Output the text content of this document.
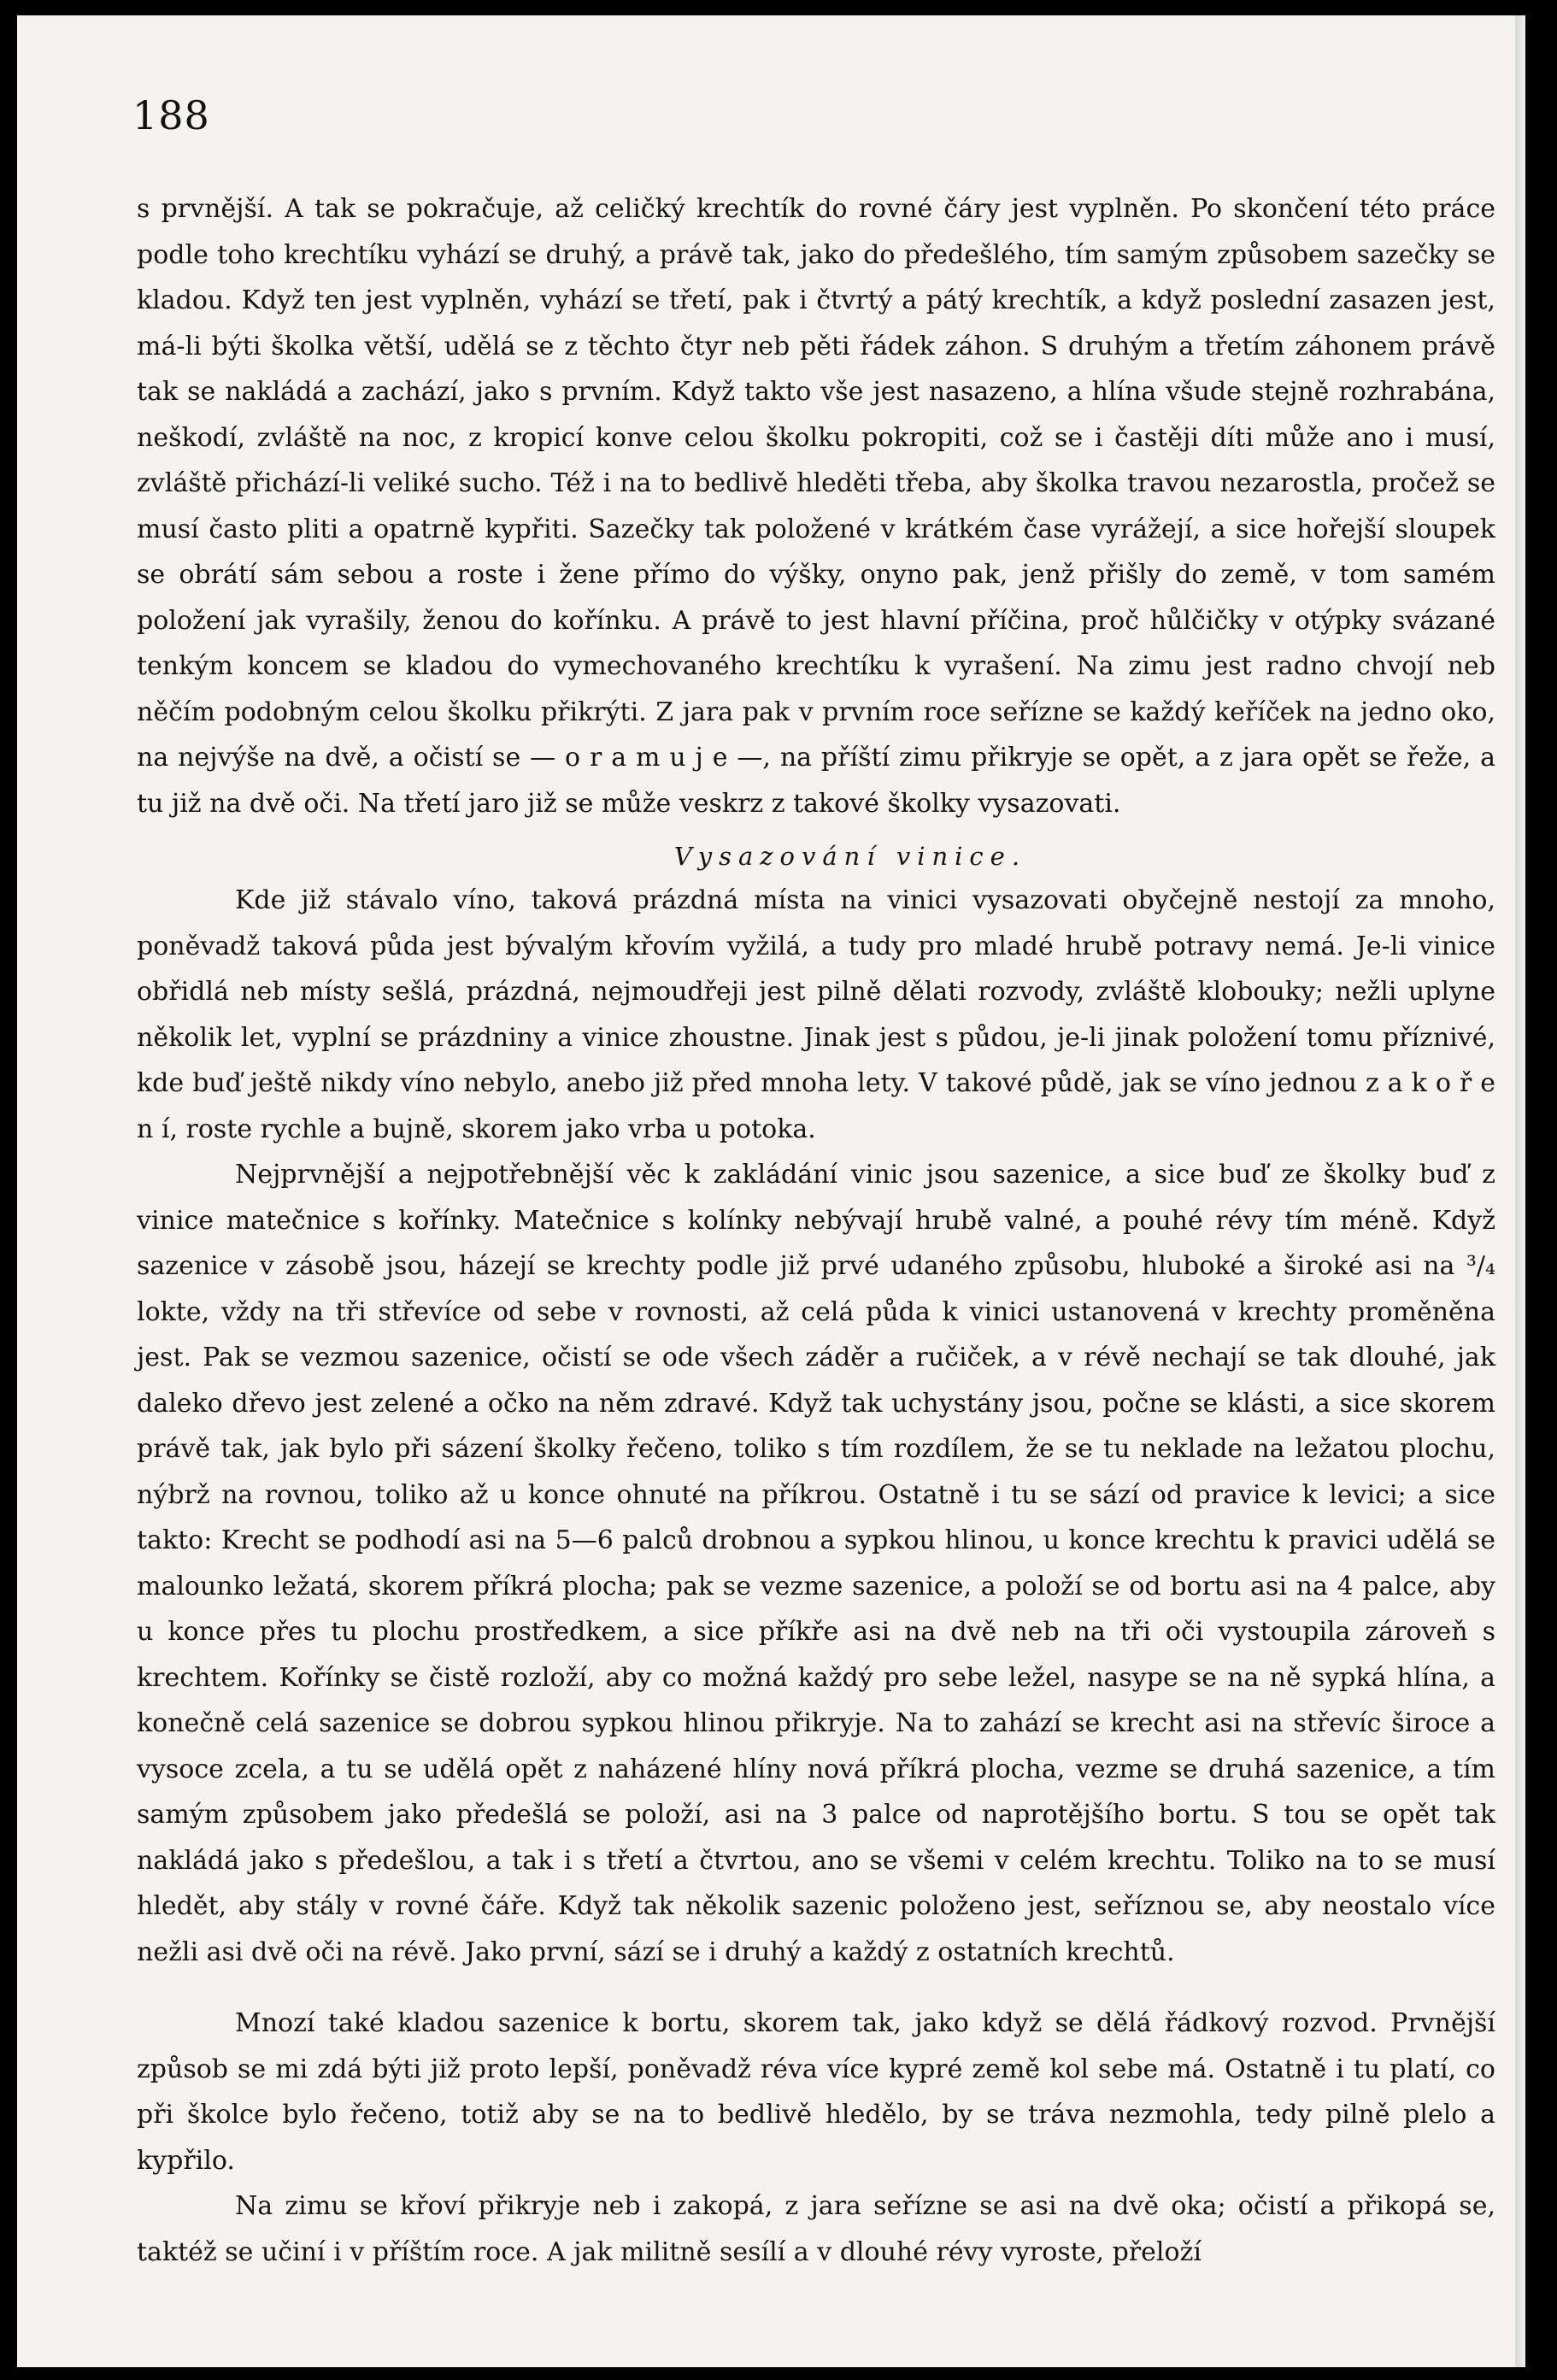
188

s prvnější. A tak se pokračuje, až celičký krechtík do rovné čáry jest vyplněn. Po skončení této práce podle toho krechtíku vyhází se druhý, a právě tak, jako do předešlého, tím samým způsobem sazečky se kladou. Když ten jest vyplněn, vyhází se třetí, pak i čtvrtý a pátý krechtík, a když poslední zasazen jest, má-li býti školka větší, udělá se z těchto čtyr neb pěti řádek záhon. S druhým a třetím záhonem právě tak se nakládá a zachází, jako s prvním. Když takto vše jest nasazeno, a hlína všude stejně rozhrabána, neškodí, zvláště na noc, z kropicí konve celou školku pokropiti, což se i častěji díti může ano i musí, zvláště přichází-li veliké sucho. Též i na to bedlivě hleděti třeba, aby školka travou nezarostla, pročež se musí často pliti a opatrně kypřiti. Sazečky tak položené v krátkém čase vyrážejí, a sice hořejší sloupek se obrátí sám sebou a roste i žene přímo do výšky, onyno pak, jenž přišly do země, v tom samém položení jak vyrašily, ženou do kořínku. A právě to jest hlavní příčina, proč hůlčičky v otýpky svázané tenkým koncem se kladou do vymechovaného krechtíku k vyrašení. Na zimu jest radno chvojí neb něčím podobným celou školku přikrýti. Z jara pak v prvním roce seřízne se každý keříček na jedno oko, na nejvýše na dvě, a očistí se — o r a m u j e —, na příští zimu přikryje se opět, a z jara opět se řeže, a tu již na dvě oči. Na třetí jaro již se může veskrz z takové školky vysazovati.

Vysazování vinice.

Kde již stávalo víno, taková prázdná místa na vinici vysazovati obyčejně nestojí za mnoho, poněvadž taková půda jest bývalým křovím vyžilá, a tudy pro mladé hrubě potravy nemá. Je-li vinice obřidlá neb místy sešlá, prázdná, nejmoudřeji jest pilně dělati rozvody, zvláště klobouky; nežli uplyne několik let, vyplní se prázdniny a vinice zhoustne. Jinak jest s půdou, je-li jinak položení tomu příznivé, kde buď ještě nikdy víno nebylo, anebo již před mnoha lety. V takové půdě, jak se víno jednou z a k o ř e n í, roste rychle a bujně, skorem jako vrba u potoka.

Nejprvnější a nejpotřebnější věc k zakládání vinic jsou sazenice, a sice buď ze školky buď z vinice matečnice s kořínky. Matečnice s kolínky nebývají hrubě valné, a pouhé révy tím méně. Když sazenice v zásobě jsou, házejí se krechty podle již prvé udaného způsobu, hluboké a široké asi na ³/₄ lokte, vždy na tři střevíce od sebe v rovnosti, až celá půda k vinici ustanovená v krechty proměněna jest. Pak se vezmou sazenice, očistí se ode všech záděr a ručiček, a v révě nechají se tak dlouhé, jak daleko dřevo jest zelené a očko na něm zdravé. Když tak uchystány jsou, počne se klásti, a sice skorem právě tak, jak bylo při sázení školky řečeno, toliko s tím rozdílem, že se tu neklade na ležatou plochu, nýbrž na rovnou, toliko až u konce ohnuté na příkrou. Ostatně i tu se sází od pravice k levici; a sice takto: Krecht se podhodí asi na 5—6 palců drobnou a sypkou hlinou, u konce krechtu k pravici udělá se malounko ležatá, skorem příkrá plocha; pak se vezme sazenice, a položí se od bortu asi na 4 palce, aby u konce přes tu plochu prostředkem, a sice příkře asi na dvě neb na tři oči vystoupila zároveň s krechtem. Kořínky se čistě rozloží, aby co možná každý pro sebe ležel, nasype se na ně sypká hlína, a konečně celá sazenice se dobrou sypkou hlinou přikryje. Na to zahází se krecht asi na střevíc široce a vysoce zcela, a tu se udělá opět z naházené hlíny nová příkrá plocha, vezme se druhá sazenice, a tím samým způsobem jako předešlá se položí, asi na 3 palce od naprotějšího bortu. S tou se opět tak nakládá jako s předešlou, a tak i s třetí a čtvrtou, ano se všemi v celém krechtu. Toliko na to se musí hledět, aby stály v rovné čáře. Když tak několik sazenic položeno jest, seříznou se, aby neostalo více nežli asi dvě oči na révě. Jako první, sází se i druhý a každý z ostatních krechtů.

Mnozí také kladou sazenice k bortu, skorem tak, jako když se dělá řádkový rozvod. Prvnější způsob se mi zdá býti již proto lepší, poněvadž réva více kypré země kol sebe má. Ostatně i tu platí, co při školce bylo řečeno, totiž aby se na to bedlivě hledělo, by se tráva nezmohla, tedy pilně plelo a kypřilo.

Na zimu se křoví přikryje neb i zakopá, z jara seřízne se asi na dvě oka; očistí a přikopá se, taktéž se učiní i v příštím roce. A jak militně sesílí a v dlouhé révy vyroste, přeloží
